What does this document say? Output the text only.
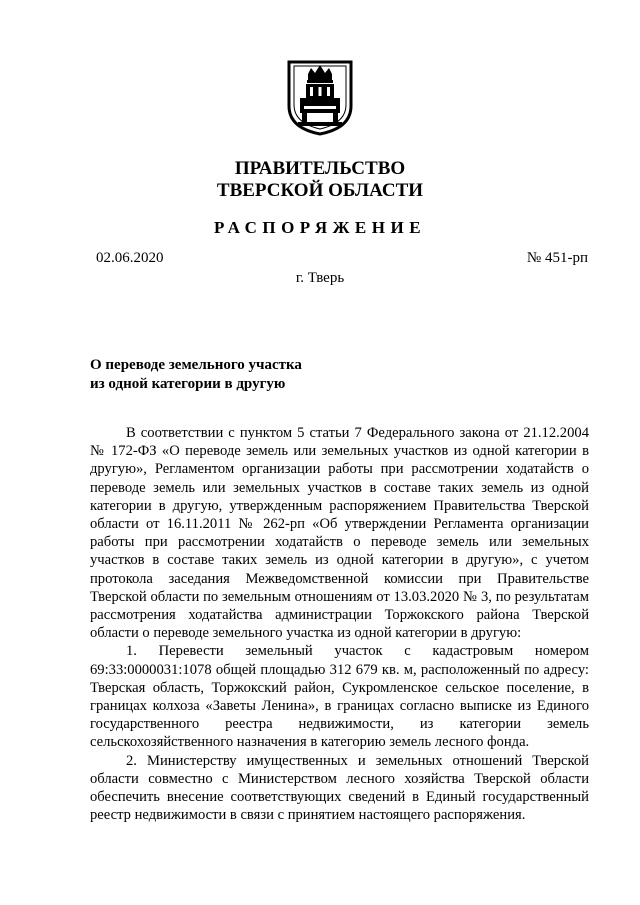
ПРАВИТЕЛЬСТВО
ТВЕРСКОЙ ОБЛАСТИ
РАСПОРЯЖЕНИЕ
02.06.2020	№ 451-рп
г. Тверь
О переводе земельного участка
из одной категории в другую

В соответствии с пунктом 5 статьи 7 Федерального закона от 21.12.2004 № 172-ФЗ «О переводе земель или земельных участков из одной категории в другую», Регламентом организации работы при рассмотрении ходатайств о переводе земель или земельных участков в составе таких земель из одной категории в другую, утвержденным распоряжением Правительства Тверской области от 16.11.2011 № 262-рп «Об утверждении Регламента организации работы при рассмотрении ходатайств о переводе земель или земельных участков в составе таких земель из одной категории в другую», с учетом протокола заседания Межведомственной комиссии при Правительстве Тверской области по земельным отношениям от 13.03.2020 № 3, по результатам рассмотрения ходатайства администрации Торжокского района Тверской области о переводе земельного участка из одной категории в другую:

1. Перевести земельный участок с кадастровым номером 69:33:0000031:1078 общей площадью 312 679 кв. м, расположенный по адресу: Тверская область, Торжокский район, Сукромленское сельское поселение, в границах колхоза «Заветы Ленина», в границах согласно выписке из Единого государственного реестра недвижимости, из категории земель сельскохозяйственного назначения в категорию земель лесного фонда.

2. Министерству имущественных и земельных отношений Тверской области совместно с Министерством лесного хозяйства Тверской области обеспечить внесение соответствующих сведений в Единый государственный реестр недвижимости в связи с принятием настоящего распоряжения.
